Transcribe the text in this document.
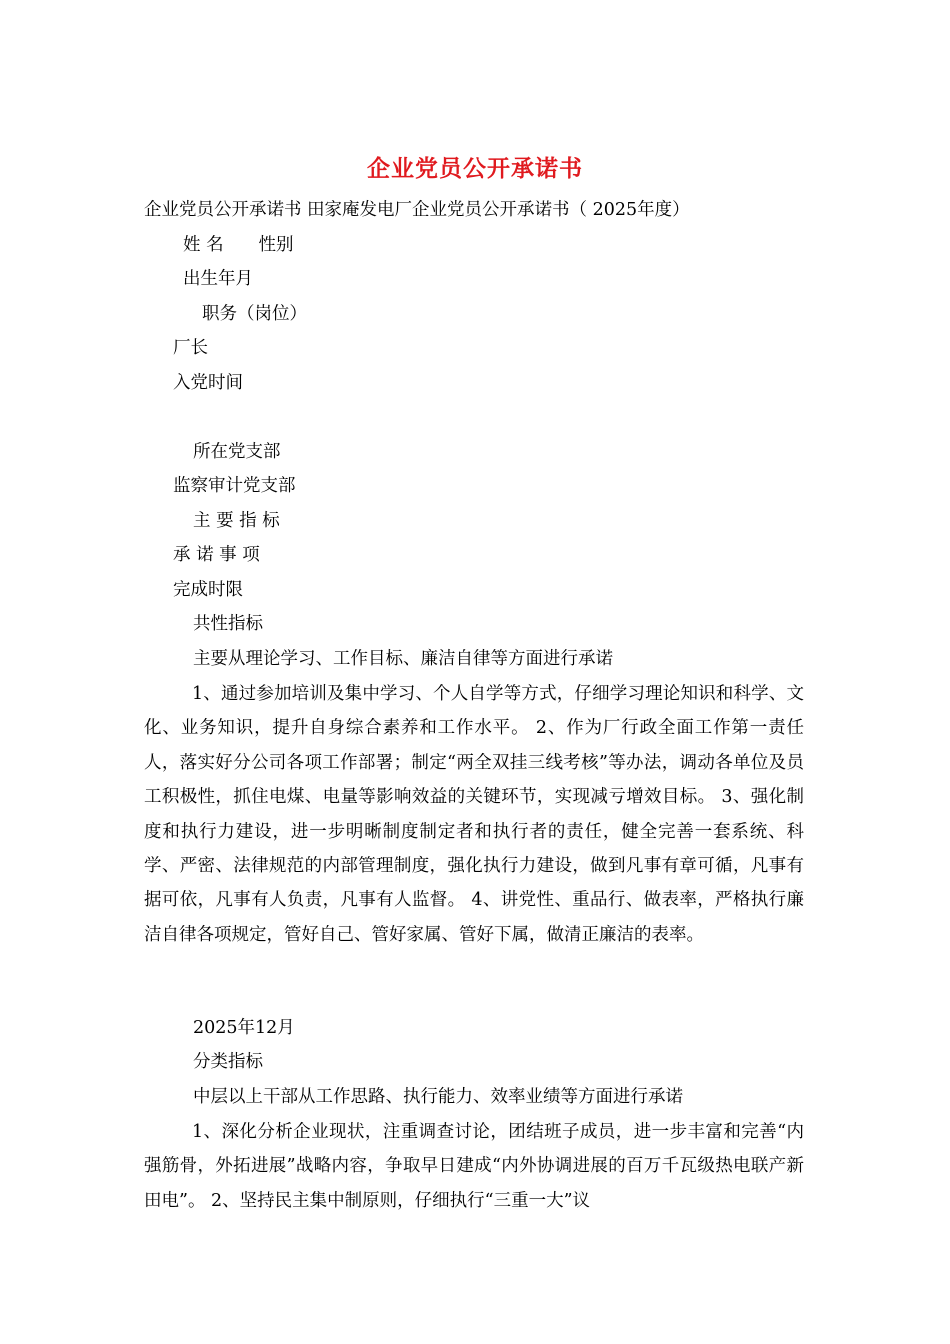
企业党员公开承诺书
企业党员公开承诺书 田家庵发电厂企业党员公开承诺书（ 2025年度）
姓 名　　性别
出生年月
职务（岗位）
厂长
入党时间
所在党支部
监察审计党支部
主 要 指 标
承 诺 事 项
完成时限
共性指标
主要从理论学习、工作目标、廉洁自律等方面进行承诺
1、通过参加培训及集中学习、个人自学等方式，仔细学习理论知识和科学、文化、业务知识，提升自身综合素养和工作水平。 2、作为厂行政全面工作第一责任人，落实好分公司各项工作部署；制定“两全双挂三线考核”等办法，调动各单位及员工积极性，抓住电煤、电量等影响效益的关键环节，实现减亏增效目标。 3、强化制度和执行力建设，进一步明晰制度制定者和执行者的责任，健全完善一套系统、科学、严密、法律规范的内部管理制度，强化执行力建设，做到凡事有章可循，凡事有据可依，凡事有人负责，凡事有人监督。 4、讲党性、重品行、做表率，严格执行廉洁自律各项规定，管好自己、管好家属、管好下属，做清正廉洁的表率。
2025年12月
分类指标
中层以上干部从工作思路、执行能力、效率业绩等方面进行承诺
1、深化分析企业现状，注重调查讨论，团结班子成员，进一步丰富和完善“内强筋骨，外拓进展”战略内容，争取早日建成“内外协调进展的百万千瓦级热电联产新田电”。 2、坚持民主集中制原则，仔细执行“三重一大”议
